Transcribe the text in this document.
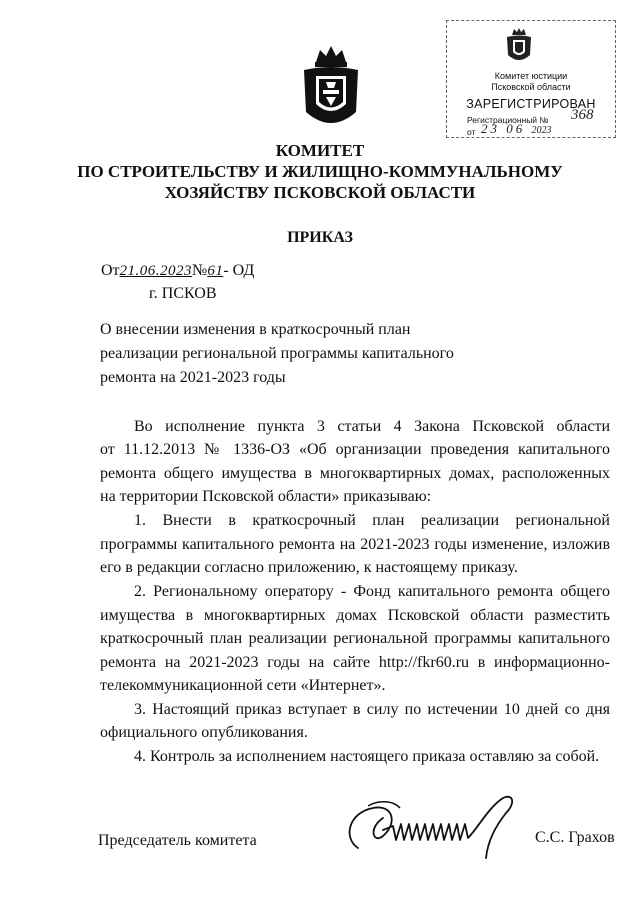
Комитет юстиции
Псковской области
ЗАРЕГИСТРИРОВАН
Регистрационный № 368
от 23 06 2023
КОМИТЕТ
ПО СТРОИТЕЛЬСТВУ И ЖИЛИЩНО-КОММУНАЛЬНОМУ
ХОЗЯЙСТВУ ПСКОВСКОЙ ОБЛАСТИ
ПРИКАЗ
От21.06.2023№61- ОД
г. ПСКОВ
О внесении изменения в краткосрочный план
реализации региональной программы капитального
ремонта на 2021-2023 годы
Во исполнение пункта 3 статьи 4 Закона Псковской области
от 11.12.2013 № 1336-ОЗ «Об организации проведения капитального
ремонта общего имущества в многоквартирных домах, расположенных
на территории Псковской области» приказываю:
1. Внести в краткосрочный план реализации региональной
программы капитального ремонта на 2021-2023 годы изменение, изложив
его в редакции согласно приложению, к настоящему приказу.
2. Региональному оператору - Фонд капитального ремонта общего
имущества в многоквартирных домах Псковской области разместить
краткосрочный план реализации региональной программы капитального
ремонта на 2021-2023 годы на сайте http://fkr60.ru в информационно-
телекоммуникационной сети «Интернет».
3. Настоящий приказ вступает в силу по истечении 10 дней со дня
официального опубликования.
4. Контроль за исполнением настоящего приказа оставляю за собой.
Председатель комитета	С.С. Грахов
